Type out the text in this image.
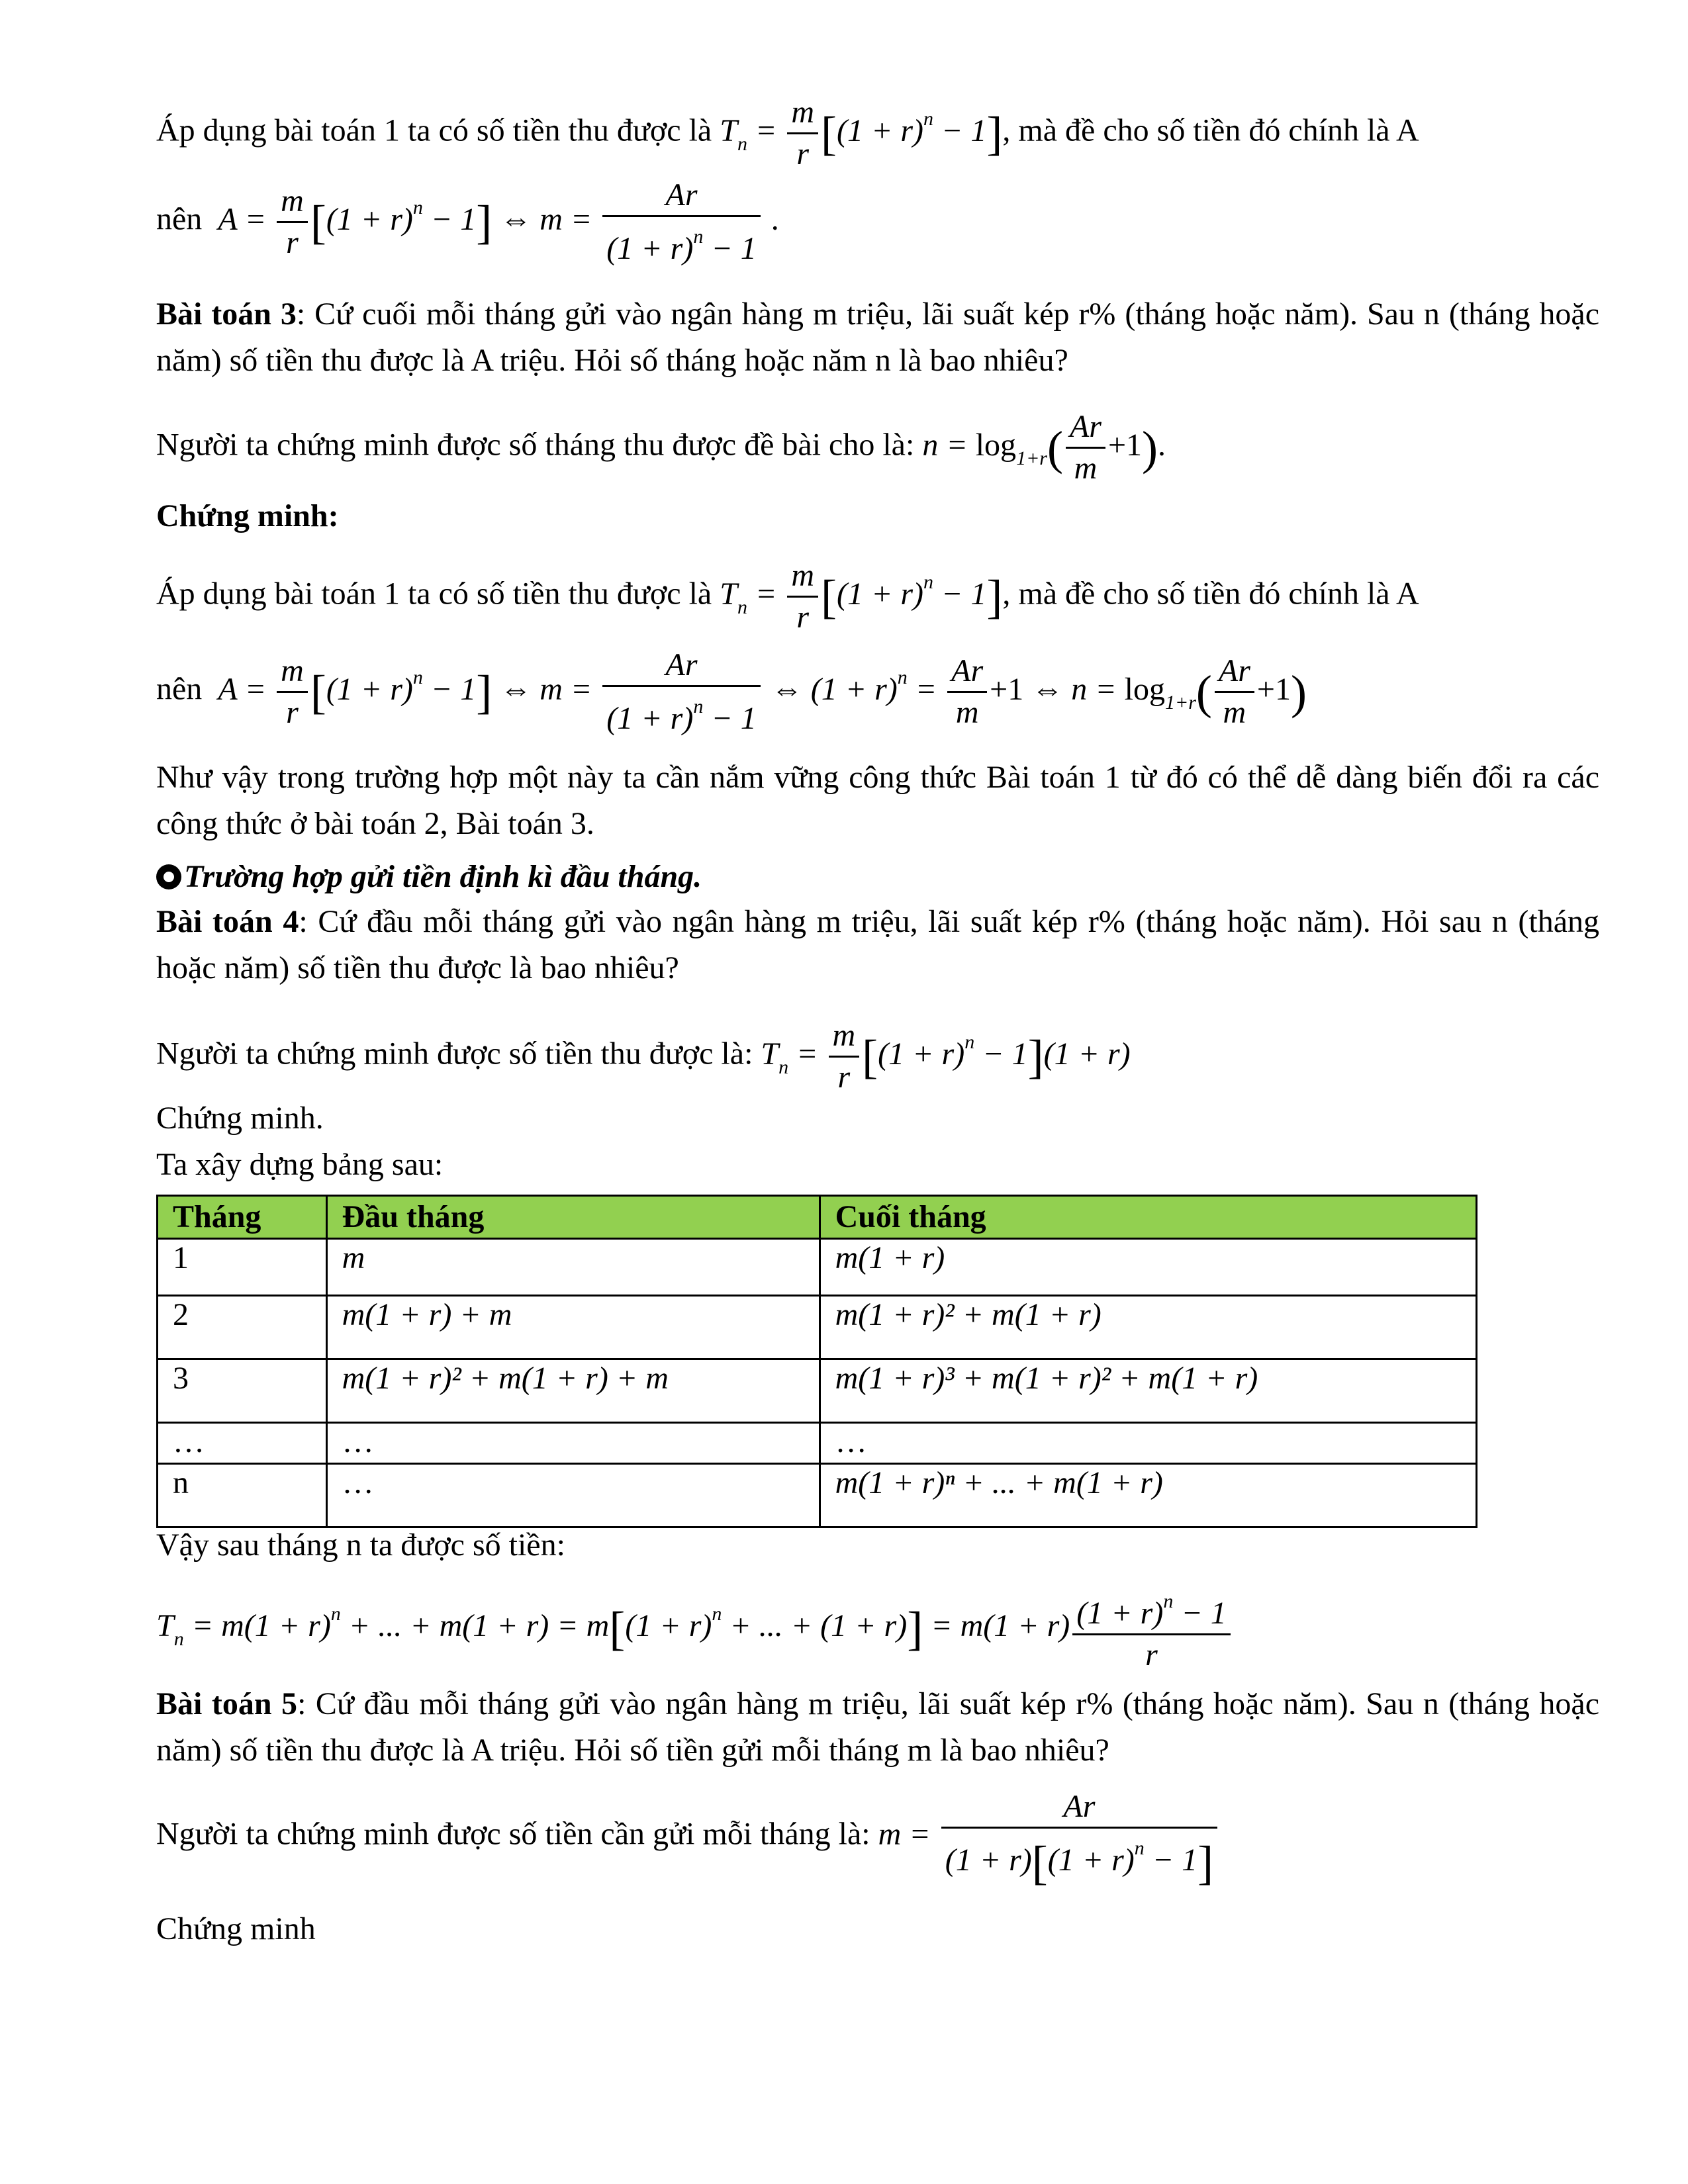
Áp dụng bài toán 1 ta có số tiền thu được là $T_n = \frac{m}{r} [(1 + r)^n - 1]$, mà đề cho số tiền đó chính là A
nên  $A = \frac{m}{r} [(1 + r)^n - 1]$ ⇔ $m = \frac{Ar}{(1 + r)^n - 1}$ .
Bài toán 3: Cứ cuối mỗi tháng gửi vào ngân hàng m triệu, lãi suất kép r% (tháng hoặc năm). Sau n (tháng hoặc năm) số tiền thu được là A triệu. Hỏi số tháng hoặc năm n là bao nhiêu?
Người ta chứng minh được số tháng thu được đề bài cho là: $n = \log_{1+r}( \frac{Ar}{m} +1)$.
Chứng minh:
Áp dụng bài toán 1 ta có số tiền thu được là $T_n = \frac{m}{r} [(1 + r)^n - 1]$, mà đề cho số tiền đó chính là A
nên  $A = \frac{m}{r} [(1 + r)^n - 1]$ ⇔ $m = \frac{Ar}{(1 + r)^n - 1}$ ⇔ $(1 + r)^n = \frac{Ar}{m} +1$ ⇔ $n = \log_{1+r}( \frac{Ar}{m} +1)$
Như vậy trong trường hợp một này ta cần nắm vững công thức Bài toán 1 từ đó có thể dễ dàng biến đổi ra các công thức ở bài toán 2, Bài toán 3.
Trường hợp gửi tiền định kì đầu tháng.
Bài toán 4: Cứ đầu mỗi tháng gửi vào ngân hàng m triệu, lãi suất kép r% (tháng hoặc năm). Hỏi sau n (tháng hoặc năm) số tiền thu được là bao nhiêu?
Người ta chứng minh được số tiền thu được là: $T_n = \frac{m}{r} [(1 + r)^n - 1](1 + r)$
Chứng minh.
Ta xây dựng bảng sau:
Vậy sau tháng n ta được số tiền:
$T_n = m(1 + r)^n$ + ... + $m(1 + r) = m[(1 + r)^n$ + ... + $(1 + r)] = m(1 + r) \frac{(1 + r)^n - 1}{r}$
Bài toán 5: Cứ đầu mỗi tháng gửi vào ngân hàng m triệu, lãi suất kép r% (tháng hoặc năm). Sau n (tháng hoặc năm) số tiền thu được là A triệu. Hỏi số tiền gửi mỗi tháng m là bao nhiêu?
Người ta chứng minh được số tiền cần gửi mỗi tháng là: $m = \frac{Ar}{(1 + r)[(1 + r)^n - 1]}$
Chứng minh
Tháng	Đầu tháng	Cuối tháng
1	m	m(1 + r)
2	m(1 + r) + m	m(1 + r)² + m(1 + r)
3	m(1 + r)² + m(1 + r) + m	m(1 + r)³ + m(1 + r)² + m(1 + r)
…	…	…
n	…	m(1 + r)ⁿ + ... + m(1 + r)
